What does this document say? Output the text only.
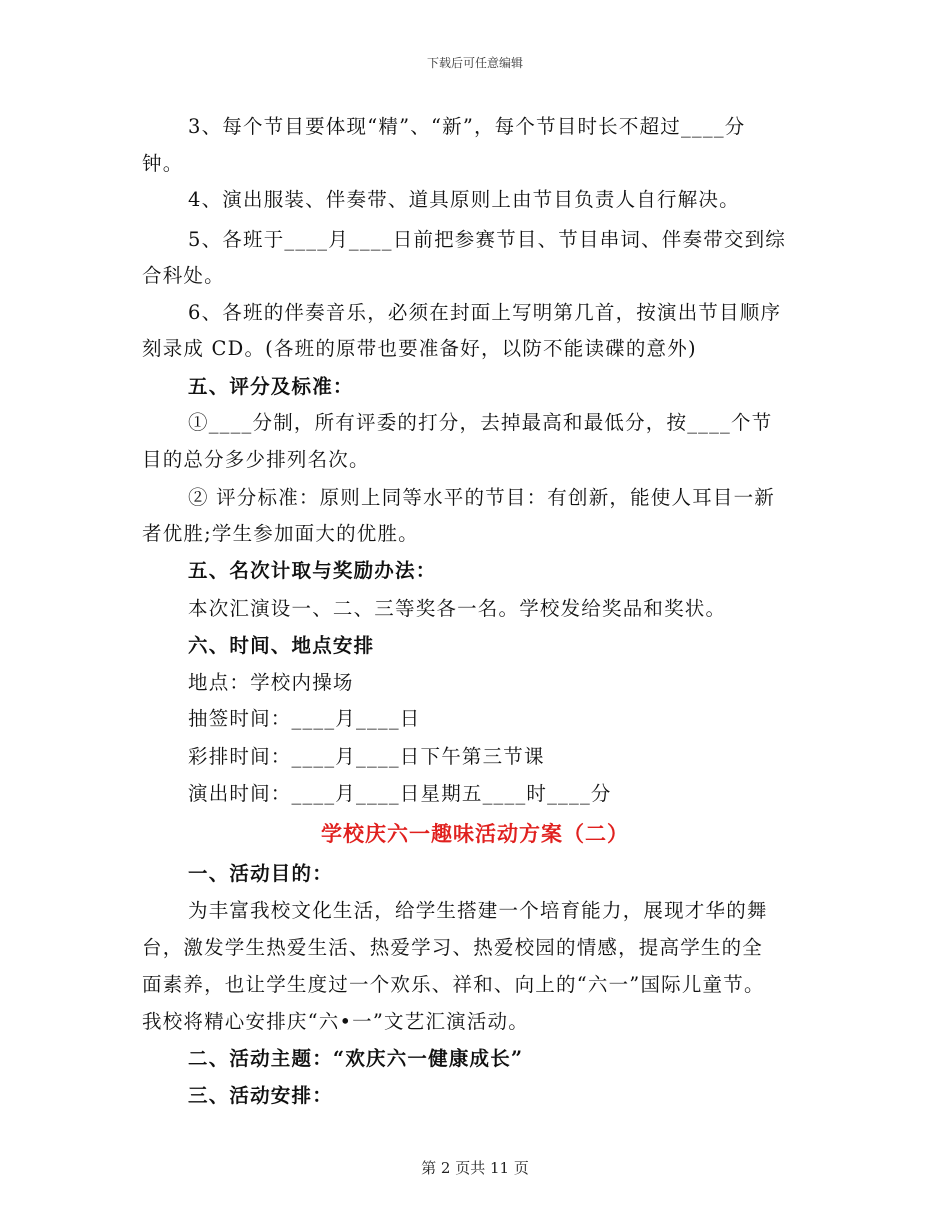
下载后可任意编辑
3、每个节目要体现“精”、“新”，每个节目时长不超过____分
钟。
4、演出服装、伴奏带、道具原则上由节目负责人自行解决。
5、各班于____月____日前把参赛节目、节目串词、伴奏带交到综
合科处。
6、各班的伴奏音乐，必须在封面上写明第几首，按演出节目顺序
刻录成 CD。(各班的原带也要准备好，以防不能读碟的意外)
五、评分及标准：
①____分制，所有评委的打分，去掉最高和最低分，按____个节
目的总分多少排列名次。
② 评分标准：原则上同等水平的节目：有创新，能使人耳目一新
者优胜;学生参加面大的优胜。
五、名次计取与奖励办法：
本次汇演设一、二、三等奖各一名。学校发给奖品和奖状。
六、时间、地点安排
地点：学校内操场
抽签时间：____月____日
彩排时间：____月____日下午第三节课
演出时间：____月____日星期五____时____分
学校庆六一趣味活动方案（二）
一、活动目的：
为丰富我校文化生活，给学生搭建一个培育能力，展现才华的舞
台，激发学生热爱生活、热爱学习、热爱校园的情感，提高学生的全
面素养，也让学生度过一个欢乐、祥和、向上的“六一”国际儿童节。
我校将精心安排庆“六•一”文艺汇演活动。
二、活动主题：“欢庆六一健康成长”
三、活动安排：
第 2 页共 11 页
